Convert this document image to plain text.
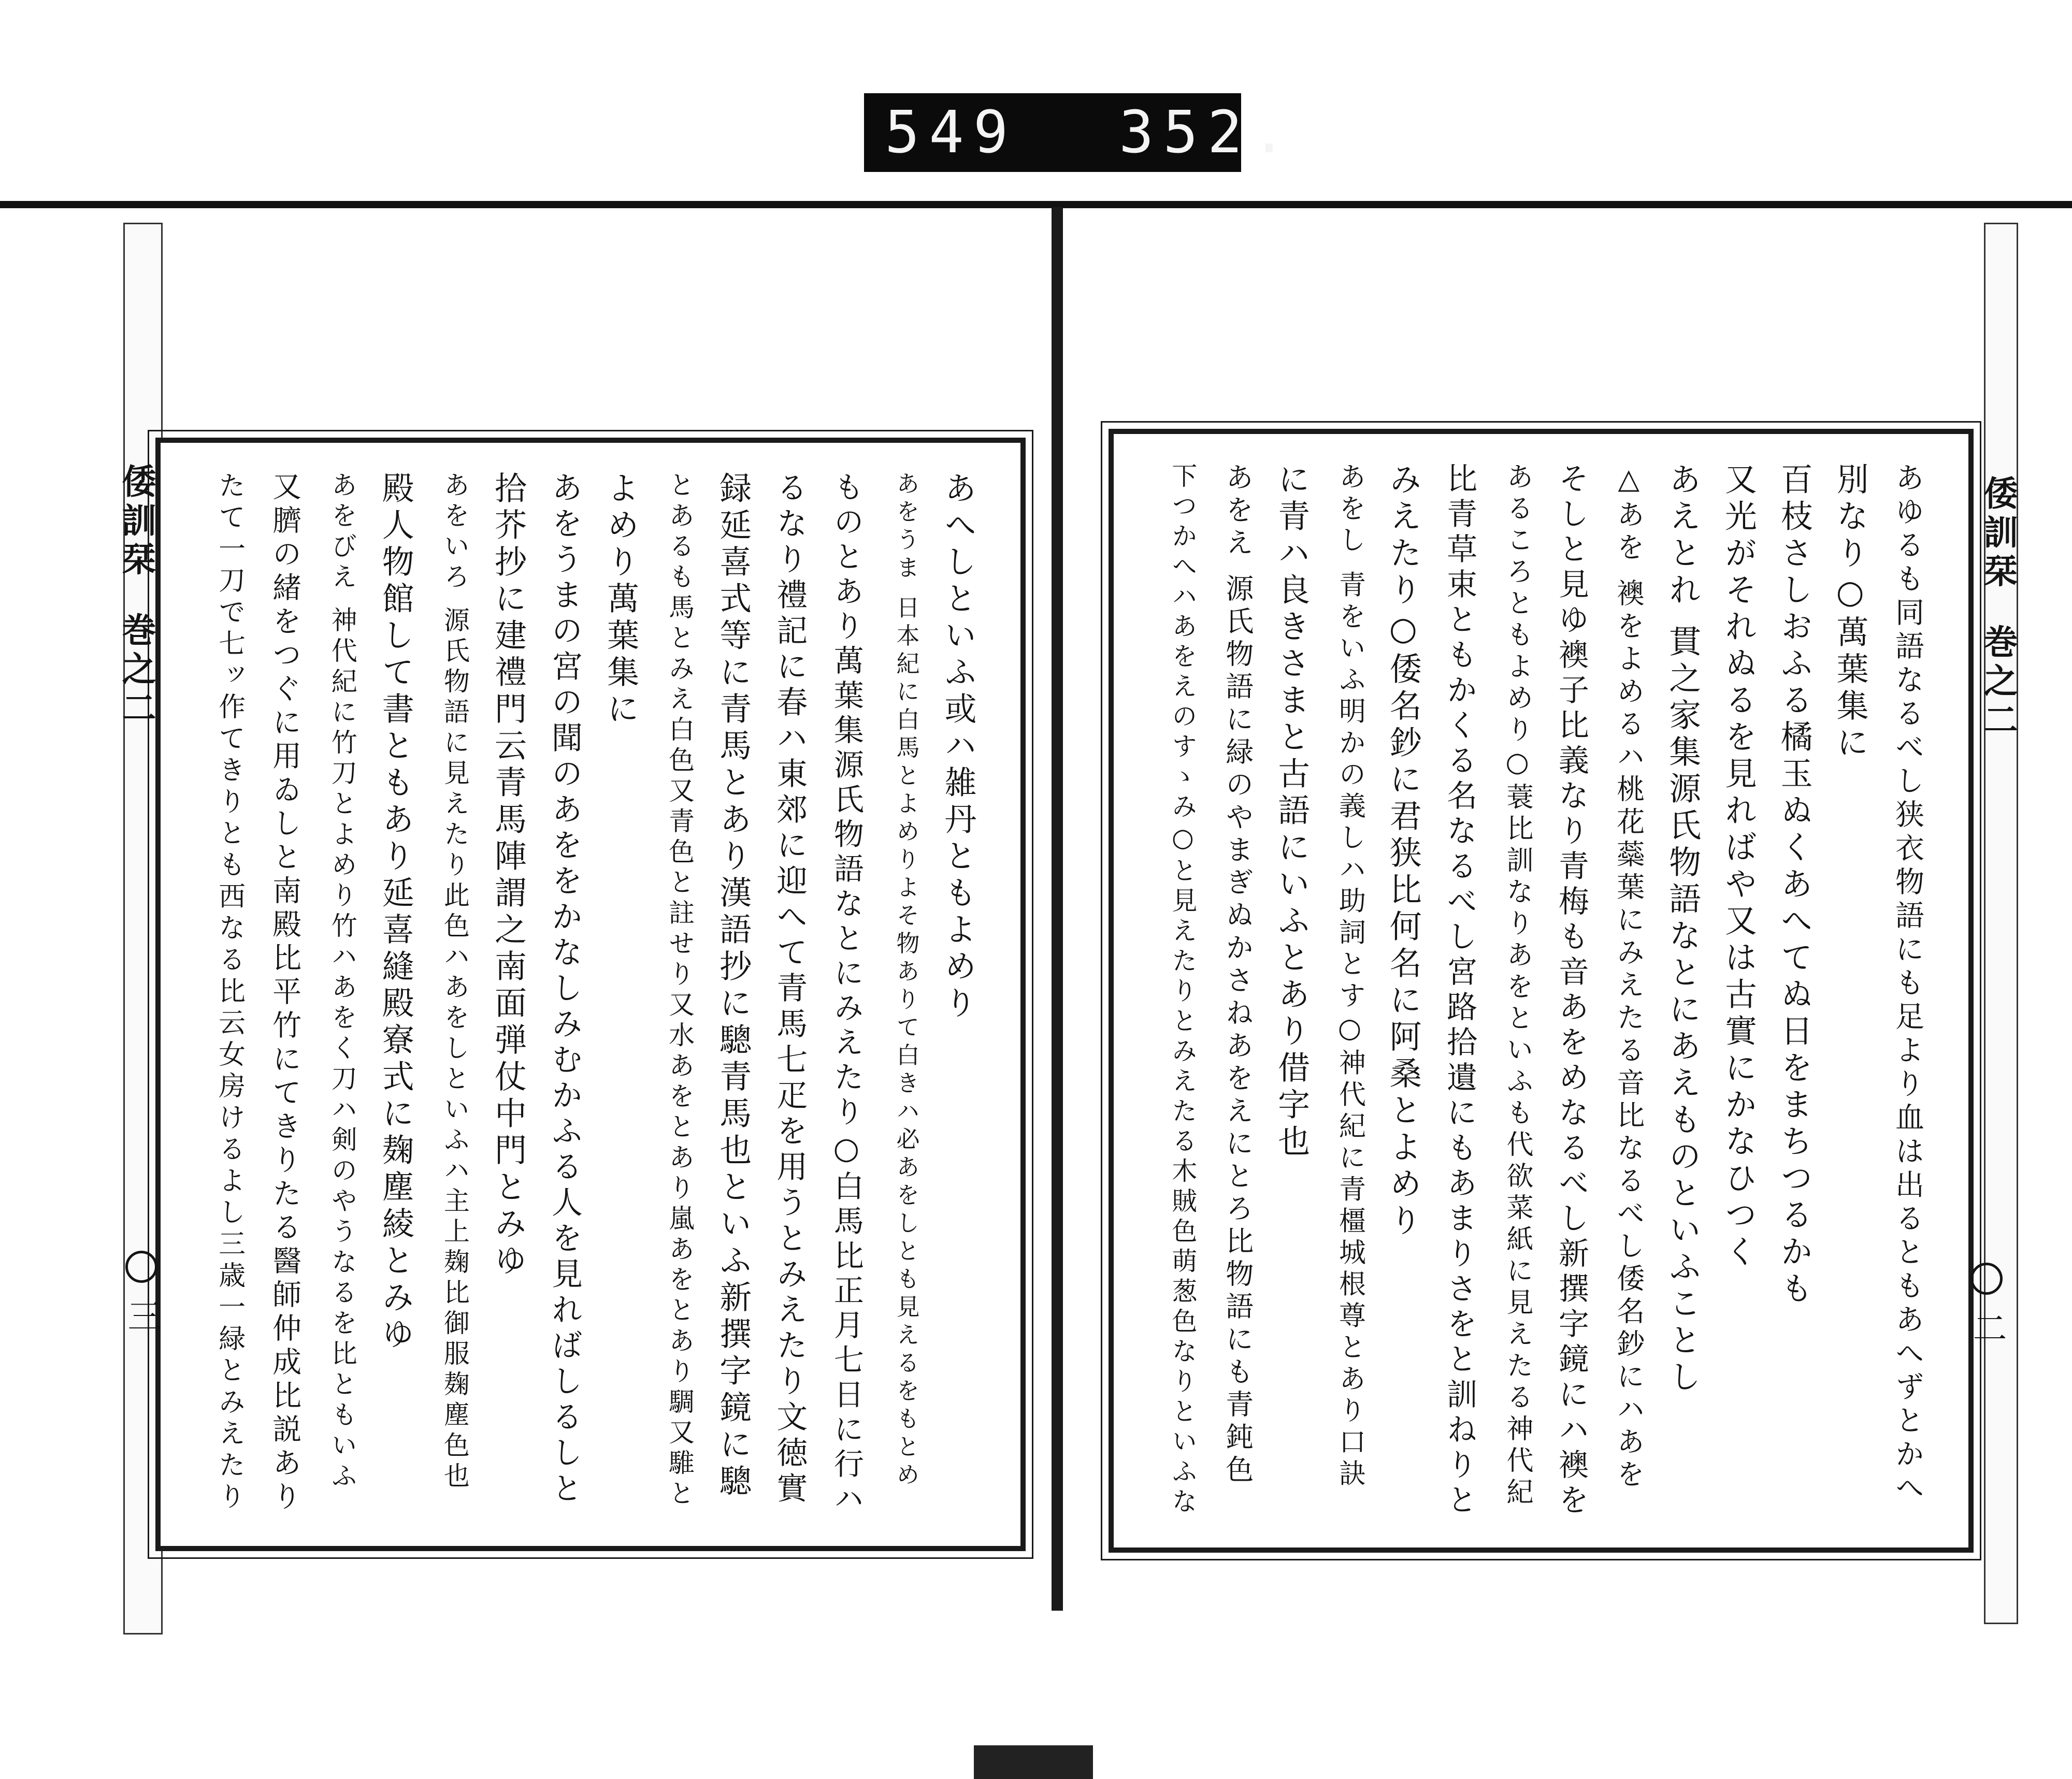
549 352.
倭訓栞 巻之二
二
あゆるも同語なるべし狭衣物語にも足より血は出るともあへずとかへ
別なり○萬葉集に
百枝さしおふる橘玉ぬくあへてぬ日をまちつるかも
又光がそれぬるを見ればや又は古實にかなひつく
あえとれ 貫之家集源氏物語なとにあえものといふことし
△あを 襖をよめるハ桃花蘂葉にみえたる音比なるべし倭名鈔にハあを
そしと見ゆ襖子比義なり青梅も音あをめなるべし新撰字鏡にハ襖を
あるころともよめり○蓑比訓なりあをといふも代欲菜紙に見えたる神代紀
比青草束ともかくる名なるべし宮路拾遺にもあまりさをと訓ねりと
みえたり○倭名鈔に君狭比何名に阿桑とよめり
あをし 青をいふ明かの義しハ助詞とす○神代紀に青橿城根尊とあり口訣
に青ハ良きさまと古語にいふとあり借字也
あをえ 源氏物語に緑のやまぎぬかさねあをえにとろ比物語にも青鈍色
下つかへハあをえのすゝみ○と見えたりとみえたる木賊色萌葱色なりといふな
倭訓栞 巻之二
三
あへしといふ或ハ雑丹ともよめり
あをうま 日本紀に白馬とよめりよそ物ありて白きハ必あをしとも見えるをもとめ
ものとあり萬葉集源氏物語なとにみえたり○白馬比正月七日に行ハ
るなり禮記に春ハ東郊に迎へて青馬七疋を用うとみえたり文徳實
録延喜式等に青馬とあり漢語抄に驄青馬也といふ新撰字鏡に驄
とあるも馬とみえ白色又青色と註せり又水あをとあり嵐あをとあり騆又騅と
よめり萬葉集に
あをうまの宮の聞のあををかなしみむかふる人を見ればしるしと
拾芥抄に建禮門云青馬陣謂之南面弾仗中門とみゆ
あをいろ 源氏物語に見えたり此色ハあをしといふハ主上麹比御服麹塵色也
殿人物館して書ともあり延喜縫殿寮式に麹塵綾とみゆ
あをびえ 神代紀に竹刀とよめり竹ハあをく刀ハ剣のやうなるを比ともいふ
又臍の緒をつぐに用ゐしと南殿比平竹にてきりたる醫師仲成比説あり
たて一刀で七ッ作てきりとも西なる比云女房けるよし三歳一緑とみえたり
